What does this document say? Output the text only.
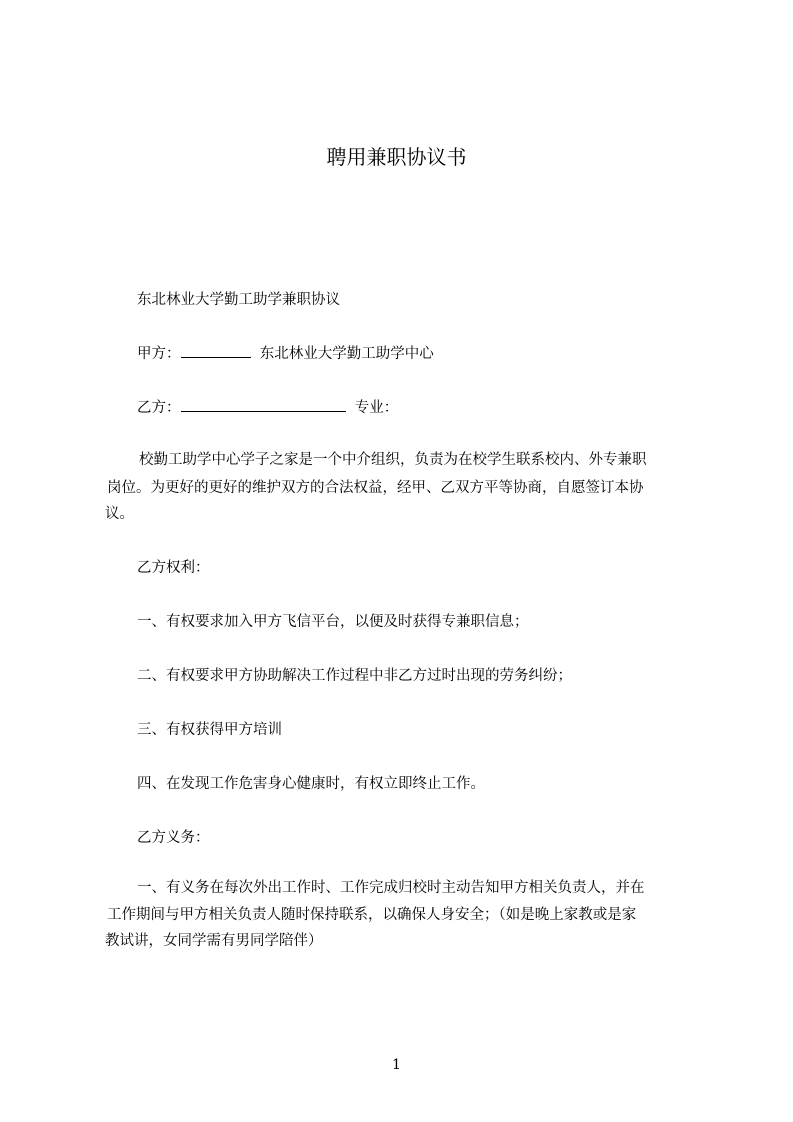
聘用兼职协议书
东北林业大学勤工助学兼职协议
甲方：	东北林业大学勤工助学中心
乙方：	专业：
校勤工助学中心学子之家是一个中介组织，负责为在校学生联系校内、外专兼职
岗位。为更好的更好的维护双方的合法权益，经甲、乙双方平等协商，自愿签订本协
议。
乙方权利：
一、有权要求加入甲方飞信平台，以便及时获得专兼职信息；
二、有权要求甲方协助解决工作过程中非乙方过时出现的劳务纠纷；
三、有权获得甲方培训
四、在发现工作危害身心健康时，有权立即终止工作。
乙方义务：
一、有义务在每次外出工作时、工作完成归校时主动告知甲方相关负责人，并在
工作期间与甲方相关负责人随时保持联系，以确保人身安全；（如是晚上家教或是家
教试讲，女同学需有男同学陪伴）
1
